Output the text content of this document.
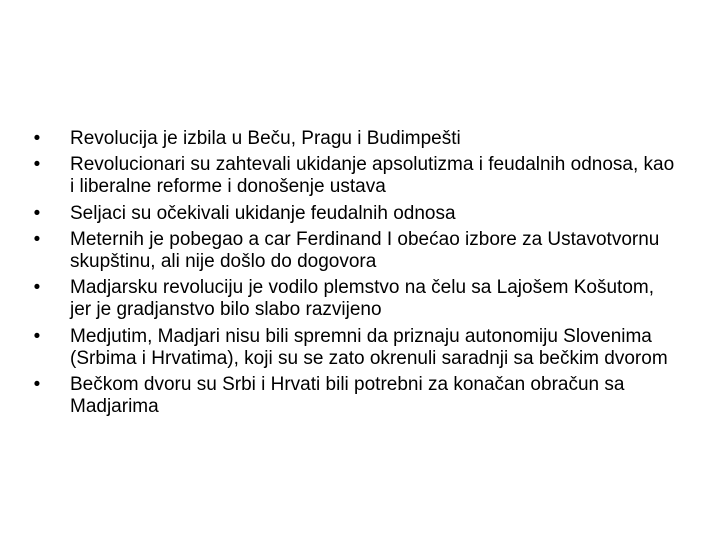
• Revolucija je izbila u Beču, Pragu i Budimpešti
• Revolucionari su zahtevali ukidanje apsolutizma i feudalnih odnosa, kao i liberalne reforme i donošenje ustava
• Seljaci su očekivali ukidanje feudalnih odnosa
• Meternih je pobegao a car Ferdinand I obećao izbore za Ustavotvornu skupštinu, ali nije došlo do dogovora
• Madjarsku revoluciju je vodilo plemstvo na čelu sa Lajošem Košutom, jer je gradjanstvo bilo slabo razvijeno
• Medjutim, Madjari nisu bili spremni da priznaju autonomiju Slovenima (Srbima i Hrvatima), koji su se zato okrenuli saradnji sa bečkim dvorom
• Bečkom dvoru su Srbi i Hrvati bili potrebni za konačan obračun sa Madjarima
